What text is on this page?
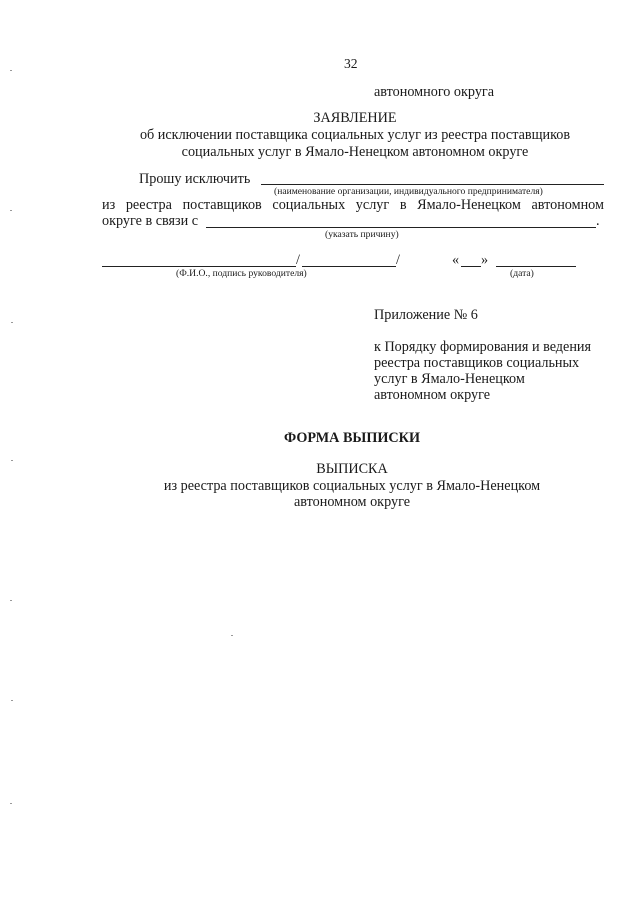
32
автономного округа
ЗАЯВЛЕНИЕ
об исключении поставщика социальных услуг из реестра поставщиков
социальных услуг в Ямало-Ненецком автономном округе
Прошу исключить
(наименование организации, индивидуального предпринимателя)
из реестра поставщиков социальных услуг в Ямало-Ненецком автономном
округе в связи с	.
(указать причину)
/	/	« »
(Ф.И.О., подпись руководителя)	(дата)
Приложение № 6
к Порядку формирования и ведения
реестра поставщиков социальных
услуг в Ямало-Ненецком
автономном округе
ФОРМА ВЫПИСКИ
ВЫПИСКА
из реестра поставщиков социальных услуг в Ямало-Ненецком
автономном округе
